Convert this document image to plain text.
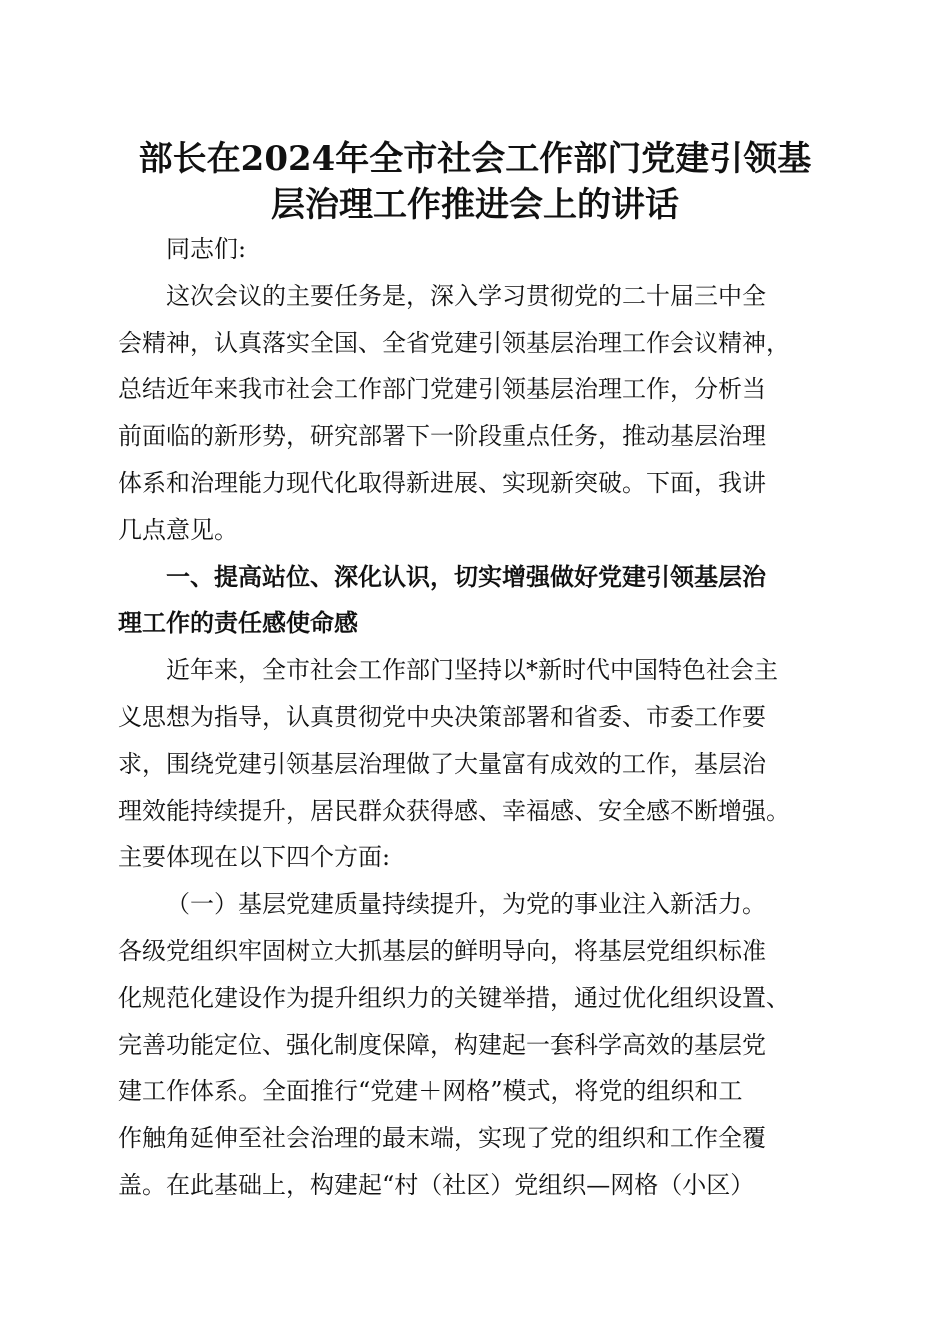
部长在2024年全市社会工作部门党建引领基
层治理工作推进会上的讲话
同志们:
这次会议的主要任务是，深入学习贯彻党的二十届三中全
会精神，认真落实全国、全省党建引领基层治理工作会议精神，
总结近年来我市社会工作部门党建引领基层治理工作，分析当
前面临的新形势，研究部署下一阶段重点任务，推动基层治理
体系和治理能力现代化取得新进展、实现新突破。下面，我讲
几点意见。
一、提高站位、深化认识，切实增强做好党建引领基层治
理工作的责任感使命感
近年来，全市社会工作部门坚持以*新时代中国特色社会主
义思想为指导，认真贯彻党中央决策部署和省委、市委工作要
求，围绕党建引领基层治理做了大量富有成效的工作，基层治
理效能持续提升，居民群众获得感、幸福感、安全感不断增强。
主要体现在以下四个方面:
（一）基层党建质量持续提升，为党的事业注入新活力。
各级党组织牢固树立大抓基层的鲜明导向，将基层党组织标准
化规范化建设作为提升组织力的关键举措，通过优化组织设置、
完善功能定位、强化制度保障，构建起一套科学高效的基层党
建工作体系。全面推行“党建＋网格”模式，将党的组织和工
作触角延伸至社会治理的最末端，实现了党的组织和工作全覆
盖。在此基础上，构建起“村（社区）党组织—网格（小区）
